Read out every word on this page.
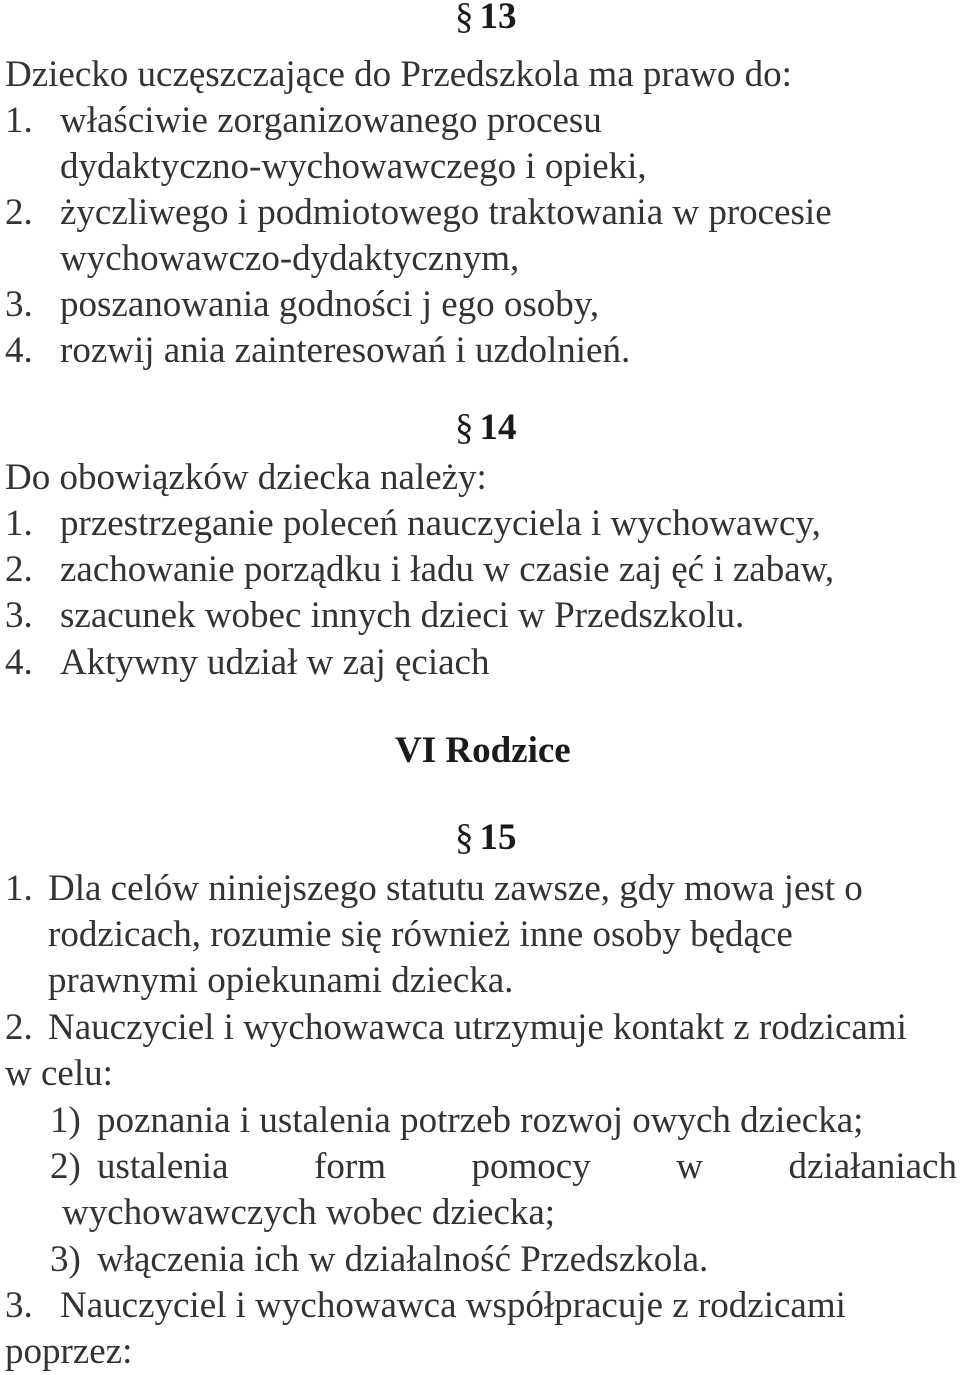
§ 13
Dziecko uczęszczające do Przedszkola ma prawo do:
1. właściwie zorganizowanego procesu
dydaktyczno-wychowawczego i opieki,
2. życzliwego i podmiotowego traktowania w procesie
wychowawczo-dydaktycznym,
3. poszanowania godności j ego osoby,
4. rozwij ania zainteresowań i uzdolnień.
§ 14
Do obowiązków dziecka należy:
1. przestrzeganie poleceń nauczyciela i wychowawcy,
2. zachowanie porządku i ładu w czasie zaj ęć i zabaw,
3. szacunek wobec innych dzieci w Przedszkolu.
4. Aktywny udział w zaj ęciach
VI Rodzice
§ 15
1. Dla celów niniejszego statutu zawsze, gdy mowa jest o
rodzicach, rozumie się również inne osoby będące
prawnymi opiekunami dziecka.
2. Nauczyciel i wychowawca utrzymuje kontakt z rodzicami
w celu:
1) poznania i ustalenia potrzeb rozwoj owych dziecka;
2) ustalenia form pomocy w działaniach
wychowawczych wobec dziecka;
3) włączenia ich w działalność Przedszkola.
3. Nauczyciel i wychowawca współpracuje z rodzicami
poprzez:
